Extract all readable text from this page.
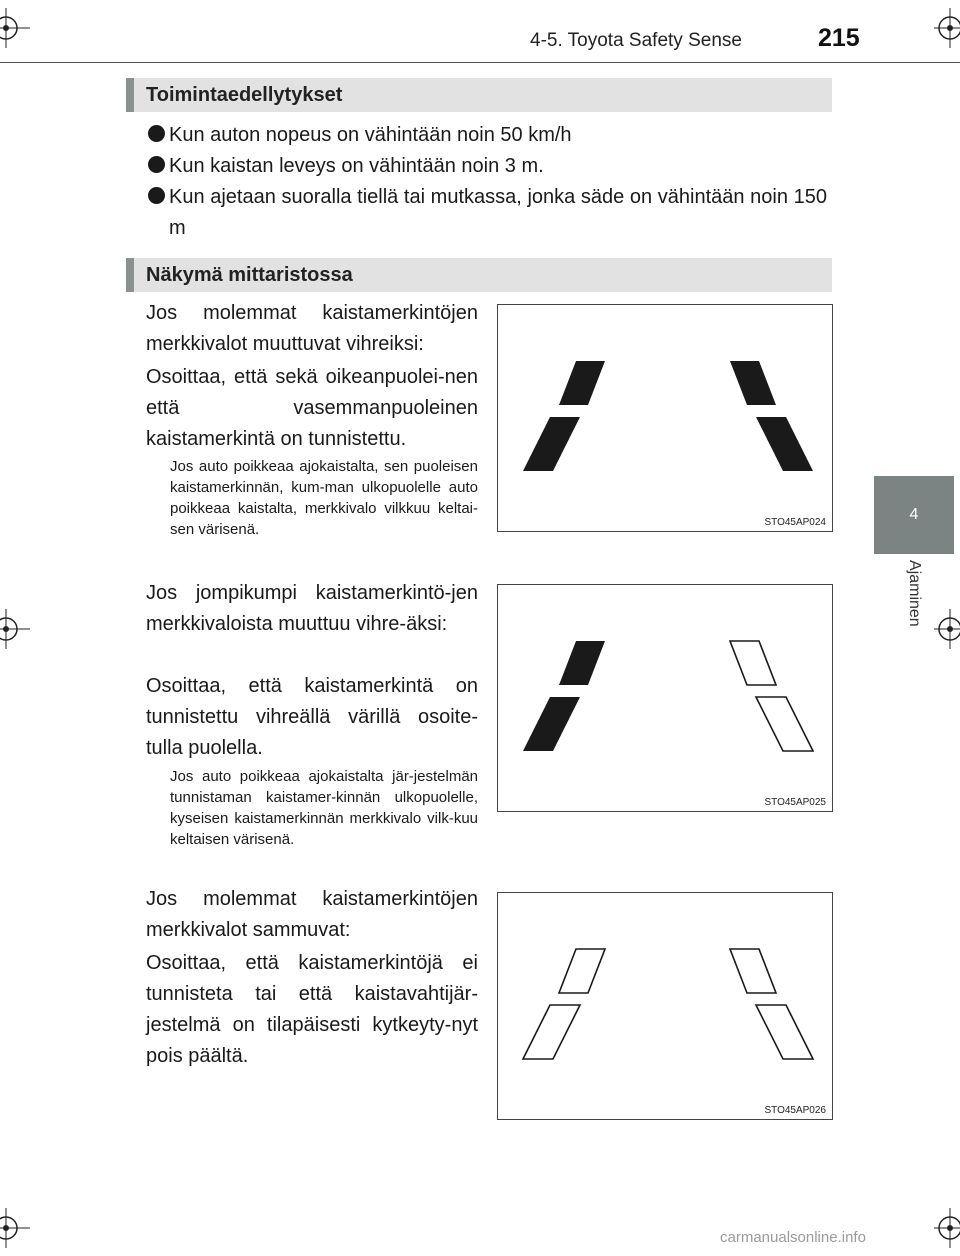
4-5. Toyota Safety Sense	215
4
Ajaminen
Toimintaedellytykset
Kun auton nopeus on vähintään noin 50 km/h
Kun kaistan leveys on vähintään noin 3 m.
Kun ajetaan suoralla tiellä tai mutkassa, jonka säde on vähintään noin 150 m
Näkymä mittaristossa
Jos molemmat kaistamerkintöjen merkkivalot muuttuvat vihreiksi:
Osoittaa, että sekä oikeanpuolei-nen että vasemmanpuoleinen kaistamerkintä on tunnistettu.
Jos auto poikkeaa ajokaistalta, sen puoleisen kaistamerkinnän, kum-man ulkopuolelle auto poikkeaa kaistalta, merkkivalo vilkkuu keltai-sen värisenä.	STO45AP024
Jos jompikumpi kaistamerkintö-jen merkkivaloista muuttuu vihre-äksi:
Osoittaa, että kaistamerkintä on tunnistettu vihreällä värillä osoite-tulla puolella.
Jos auto poikkeaa ajokaistalta jär-jestelmän tunnistaman kaistamer-kinnän ulkopuolelle, kyseisen kaistamerkinnän merkkivalo vilk-kuu keltaisen värisenä.
STO45AP025
Jos molemmat kaistamerkintöjen merkkivalot sammuvat:
Osoittaa, että kaistamerkintöjä ei tunnisteta tai että kaistavahtijär-jestelmä on tilapäisesti kytkeyty-nyt pois päältä.
STO45AP026
carmanualsonline.info
